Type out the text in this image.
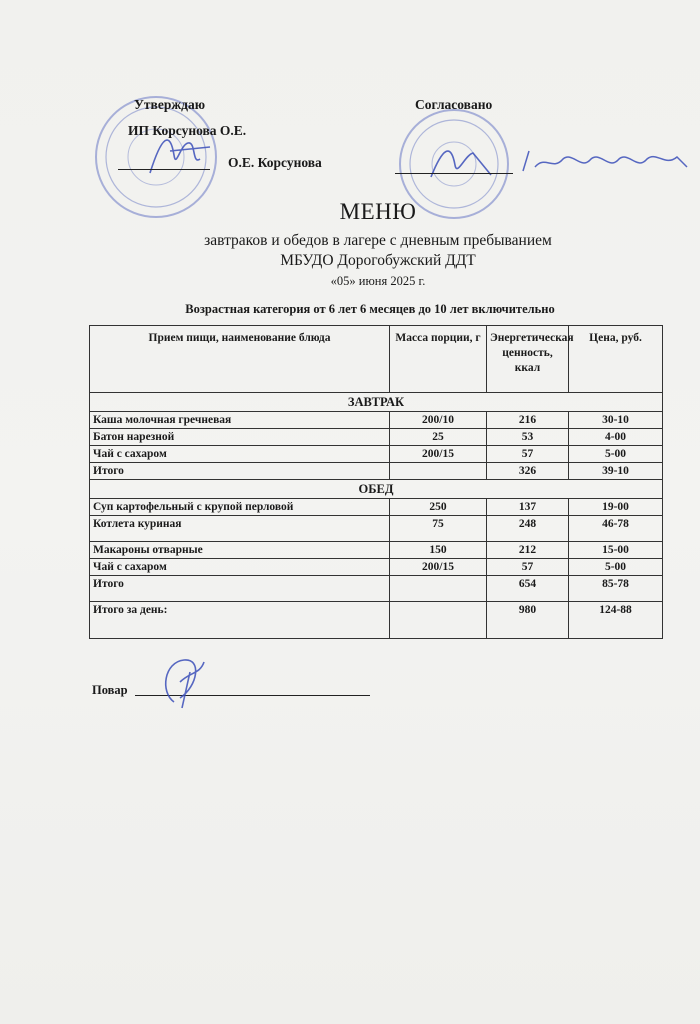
Утверждаю
ИП Корсунова О.Е.
О.Е. Корсунова
Согласовано
МЕНЮ
завтраков и обедов в лагере с дневным пребыванием
МБУДО Дорогобужский ДДТ
«05» июня 2025 г.
Возрастная категория от 6 лет 6 месяцев до 10 лет включительно
Прием пищи, наименование блюда	Масса порции, г	Энергетическая ценность, ккал	Цена, руб.
ЗАВТРАК			
Каша молочная гречневая	200/10	216	30-10
Батон нарезной	25	53	4-00
Чай с сахаром	200/15	57	5-00
Итого		326	39-10
ОБЕД			
Суп картофельный с крупой перловой	250	137	19-00
Котлета куриная	75	248	46-78
Макароны отварные	150	212	15-00
Чай с сахаром	200/15	57	5-00
Итого		654	85-78
Итого за день:		980	124-88
Повар
